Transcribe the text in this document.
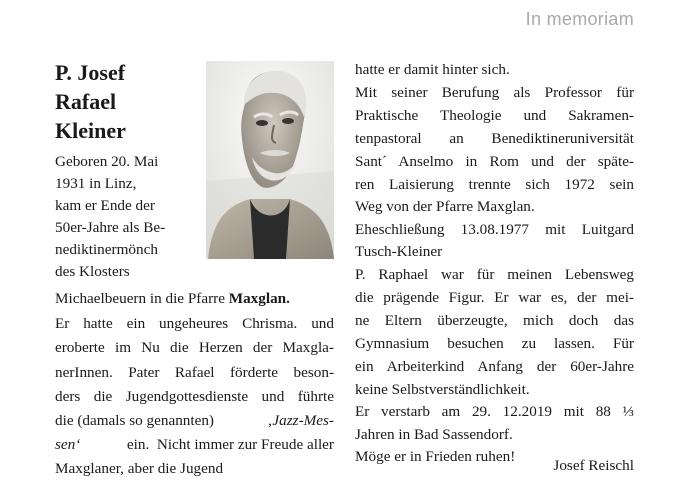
In memoriam
P. Josef
Rafael
Kleiner
Geboren 20. Mai
1931 in Linz,
kam er Ende der
50er-Jahre als Be-
nediktinermönch
des Klosters
Michaelbeuern in die Pfarre Maxglan.
Er hatte ein ungeheures Chrisma. und
eroberte im Nu die Herzen der Maxgla-
nerInnen. Pater Rafael förderte beson-
ders die Jugendgottesdienste und führte
die (damals so genannten)	‚Jazz-Mes-
sen‘	ein.  Nicht immer zur Freude aller
Maxglaner, aber die Jugend
hatte er damit hinter sich.
Mit seiner Berufung als Professor für
Praktische Theologie und Sakramen-
tenpastoral an Benediktineruniversität
Sant´ Anselmo in Rom und der späte-
ren Laisierung trennte sich 1972 sein
Weg von der Pfarre Maxglan.
Eheschließung 13.08.1977 mit Luitgard
Tusch-Kleiner
P. Raphael war für meinen Lebensweg
die prägende Figur. Er war es, der mei-
ne Eltern überzeugte, mich doch das
Gymnasium besuchen zu lassen. Für
ein Arbeiterkind Anfang der 60er-Jahre
keine Selbstverständlichkeit.
Er verstarb am 29. 12.2019 mit 88 ⅓
Jahren in Bad Sassendorf.
Möge er in Frieden ruhen!
Josef Reischl
